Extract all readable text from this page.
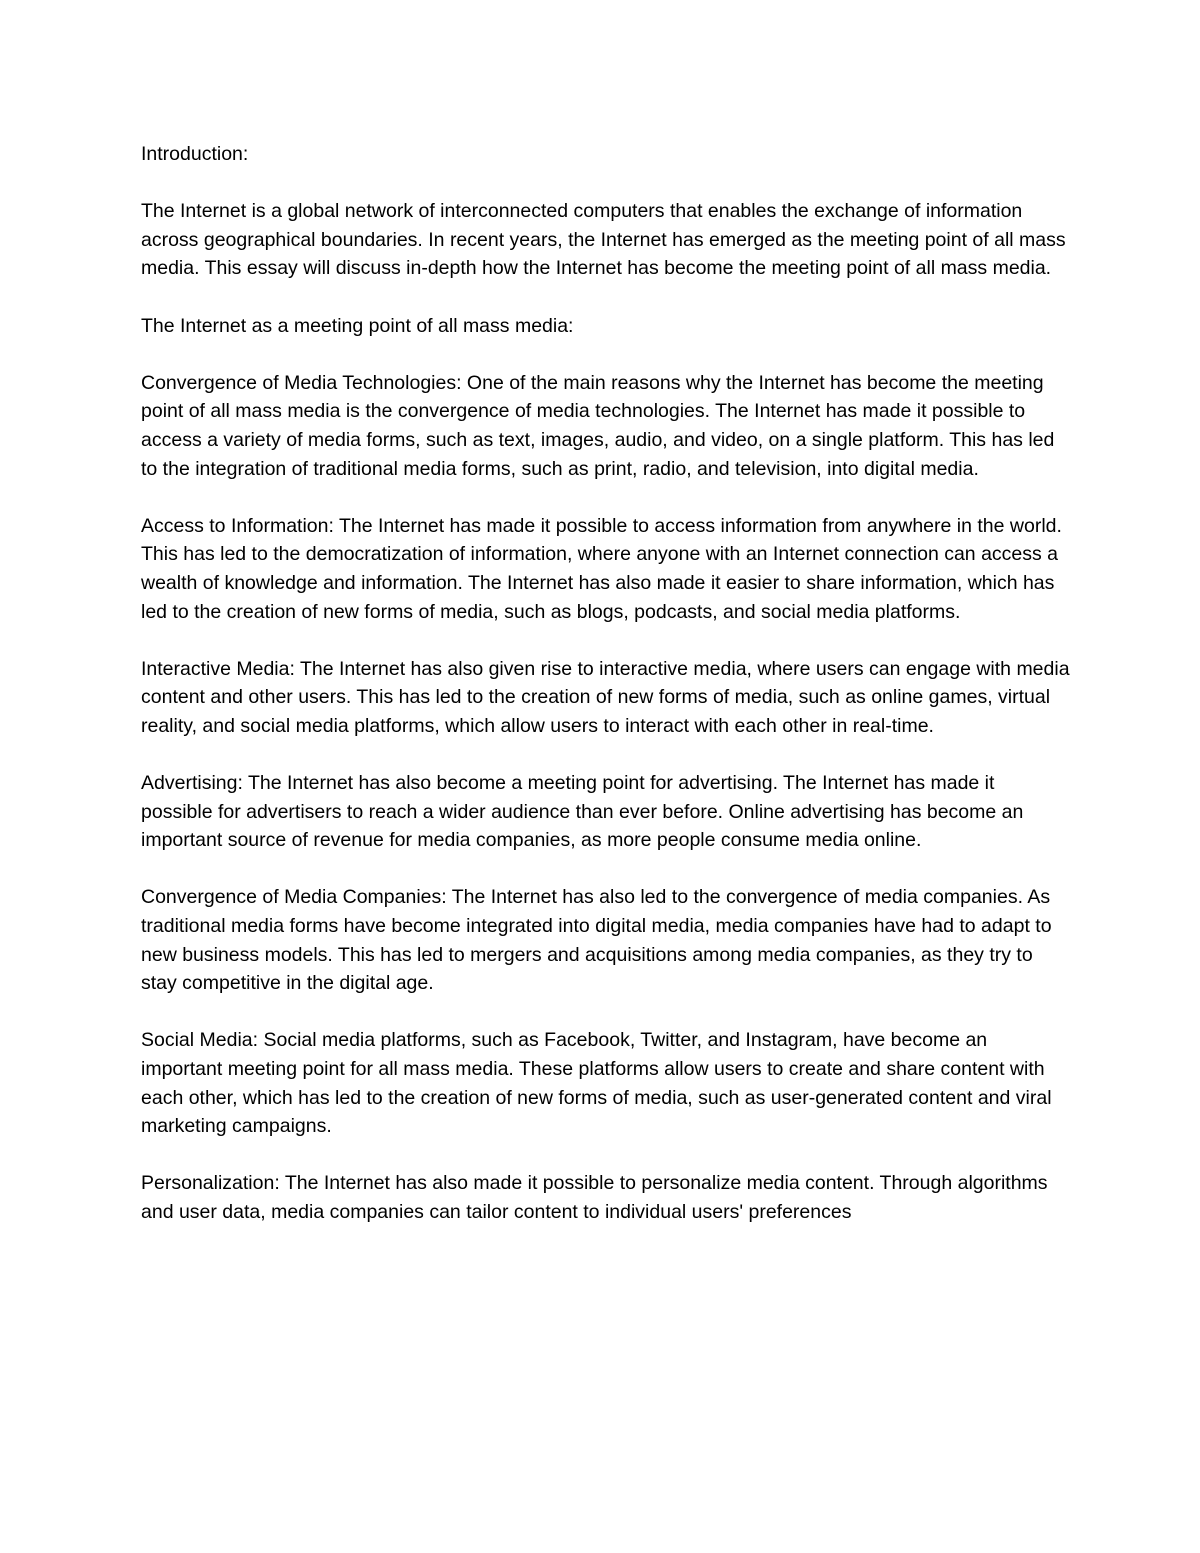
Introduction:

The Internet is a global network of interconnected computers that enables the exchange of information across geographical boundaries. In recent years, the Internet has emerged as the meeting point of all mass media. This essay will discuss in-depth how the Internet has become the meeting point of all mass media.

The Internet as a meeting point of all mass media:

Convergence of Media Technologies: One of the main reasons why the Internet has become the meeting point of all mass media is the convergence of media technologies. The Internet has made it possible to access a variety of media forms, such as text, images, audio, and video, on a single platform. This has led to the integration of traditional media forms, such as print, radio, and television, into digital media.

Access to Information: The Internet has made it possible to access information from anywhere in the world. This has led to the democratization of information, where anyone with an Internet connection can access a wealth of knowledge and information. The Internet has also made it easier to share information, which has led to the creation of new forms of media, such as blogs, podcasts, and social media platforms.

Interactive Media: The Internet has also given rise to interactive media, where users can engage with media content and other users. This has led to the creation of new forms of media, such as online games, virtual reality, and social media platforms, which allow users to interact with each other in real-time.

Advertising: The Internet has also become a meeting point for advertising. The Internet has made it possible for advertisers to reach a wider audience than ever before. Online advertising has become an important source of revenue for media companies, as more people consume media online.

Convergence of Media Companies: The Internet has also led to the convergence of media companies. As traditional media forms have become integrated into digital media, media companies have had to adapt to new business models. This has led to mergers and acquisitions among media companies, as they try to stay competitive in the digital age.

Social Media: Social media platforms, such as Facebook, Twitter, and Instagram, have become an important meeting point for all mass media. These platforms allow users to create and share content with each other, which has led to the creation of new forms of media, such as user-generated content and viral marketing campaigns.

Personalization: The Internet has also made it possible to personalize media content. Through algorithms and user data, media companies can tailor content to individual users' preferences
